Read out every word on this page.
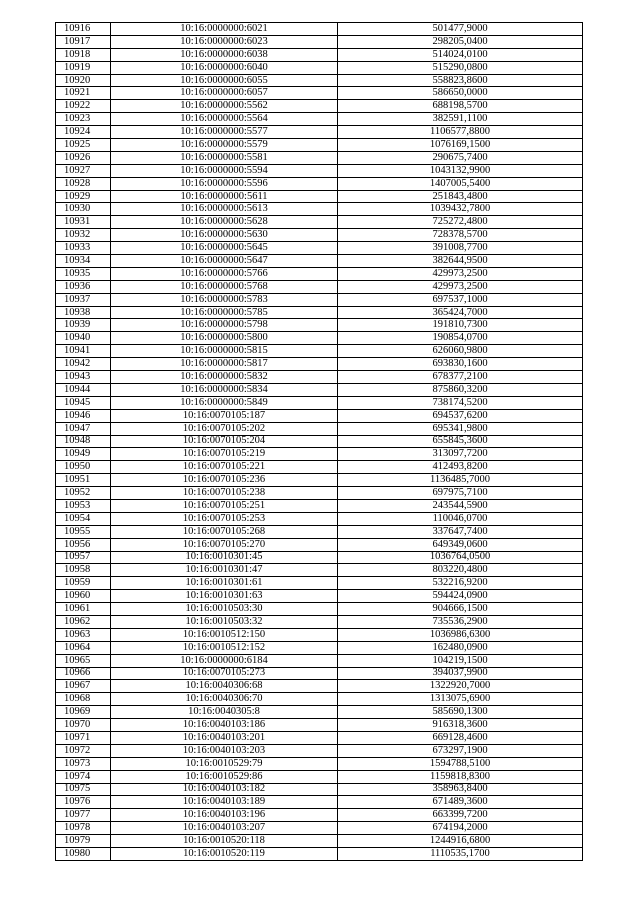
10916	10:16:0000000:6021	501477,9000
10917	10:16:0000000:6023	298205,0400
10918	10:16:0000000:6038	514024,0100
10919	10:16:0000000:6040	515290,0800
10920	10:16:0000000:6055	558823,8600
10921	10:16:0000000:6057	586650,0000
10922	10:16:0000000:5562	688198,5700
10923	10:16:0000000:5564	382591,1100
10924	10:16:0000000:5577	1106577,8800
10925	10:16:0000000:5579	1076169,1500
10926	10:16:0000000:5581	290675,7400
10927	10:16:0000000:5594	1043132,9900
10928	10:16:0000000:5596	1407005,5400
10929	10:16:0000000:5611	251843,4800
10930	10:16:0000000:5613	1039432,7800
10931	10:16:0000000:5628	725272,4800
10932	10:16:0000000:5630	728378,5700
10933	10:16:0000000:5645	391008,7700
10934	10:16:0000000:5647	382644,9500
10935	10:16:0000000:5766	429973,2500
10936	10:16:0000000:5768	429973,2500
10937	10:16:0000000:5783	697537,1000
10938	10:16:0000000:5785	365424,7000
10939	10:16:0000000:5798	191810,7300
10940	10:16:0000000:5800	190854,0700
10941	10:16:0000000:5815	626060,9800
10942	10:16:0000000:5817	693830,1600
10943	10:16:0000000:5832	678377,2100
10944	10:16:0000000:5834	875860,3200
10945	10:16:0000000:5849	738174,5200
10946	10:16:0070105:187	694537,6200
10947	10:16:0070105:202	695341,9800
10948	10:16:0070105:204	655845,3600
10949	10:16:0070105:219	313097,7200
10950	10:16:0070105:221	412493,8200
10951	10:16:0070105:236	1136485,7000
10952	10:16:0070105:238	697975,7100
10953	10:16:0070105:251	243544,5900
10954	10:16:0070105:253	110046,0700
10955	10:16:0070105:268	337647,7400
10956	10:16:0070105:270	649349,0600
10957	10:16:0010301:45	1036764,0500
10958	10:16:0010301:47	803220,4800
10959	10:16:0010301:61	532216,9200
10960	10:16:0010301:63	594424,0900
10961	10:16:0010503:30	904666,1500
10962	10:16:0010503:32	735536,2900
10963	10:16:0010512:150	1036986,6300
10964	10:16:0010512:152	162480,0900
10965	10:16:0000000:6184	104219,1500
10966	10:16:0070105:273	394037,9900
10967	10:16:0040306:68	1322920,7000
10968	10:16:0040306:70	1313075,6900
10969	10:16:0040305:8	585690,1300
10970	10:16:0040103:186	916318,3600
10971	10:16:0040103:201	669128,4600
10972	10:16:0040103:203	673297,1900
10973	10:16:0010529:79	1594788,5100
10974	10:16:0010529:86	1159818,8300
10975	10:16:0040103:182	358963,8400
10976	10:16:0040103:189	671489,3600
10977	10:16:0040103:196	663399,7200
10978	10:16:0040103:207	674194,2000
10979	10:16:0010520:118	1244916,6800
10980	10:16:0010520:119	1110535,1700
